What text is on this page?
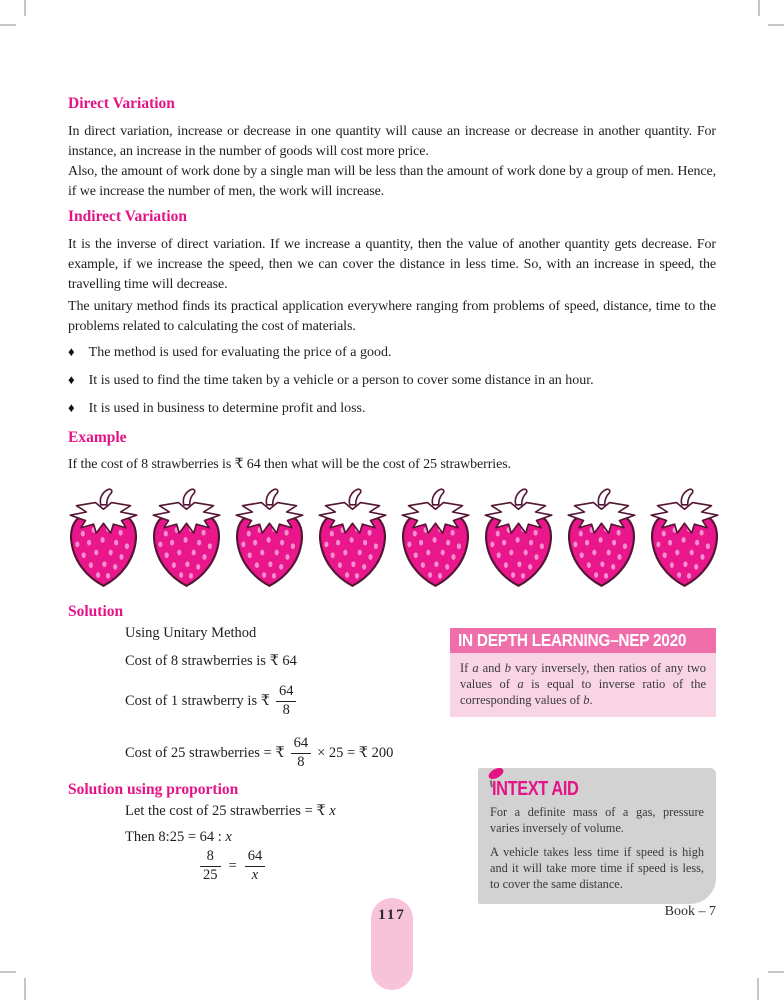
Direct Variation
In direct variation, increase or decrease in one quantity will cause an increase or decrease in another quantity. For instance, an increase in the number of goods will cost more price.
Also, the amount of work done by a single man will be less than the amount of work done by a group of men. Hence, if we increase the number of men, the work will increase.
Indirect Variation
It is the inverse of direct variation. If we increase a quantity, then the value of another quantity gets decrease. For example, if we increase the speed, then we can cover the distance in less time. So, with an increase in speed, the travelling time will decrease.
The unitary method finds its practical application everywhere ranging from problems of speed, distance, time to the problems related to calculating the cost of materials.
♦ The method is used for evaluating the price of a good.
♦ It is used to find the time taken by a vehicle or a person to cover some distance in an hour.
♦ It is used in business to determine profit and loss.
Example
If the cost of 8 strawberries is ₹ 64 then what will be the cost of 25 strawberries.
Solution
Using Unitary Method
Cost of 8 strawberries is ₹ 64
Cost of 1 strawberry is ₹ $\frac{64}{8}$
Cost of 25 strawberries = ₹ $\frac{64}{8} \times 25$ = ₹ 200
Solution using proportion
Let the cost of 25 strawberries = ₹ x
Then 8:25 = 64 : x
$\frac{8}{25} = \frac{64}{x}$
IN DEPTH LEARNING–NEP 2020
If a and b vary inversely, then ratios of any two values of a is equal to inverse ratio of the corresponding values of b.
INTEXT AID

For a definite mass of a gas, pressure varies inversely of volume.

A vehicle takes less time if speed is high and it will take more time if speed is less, to cover the same distance.

117	Book – 7
